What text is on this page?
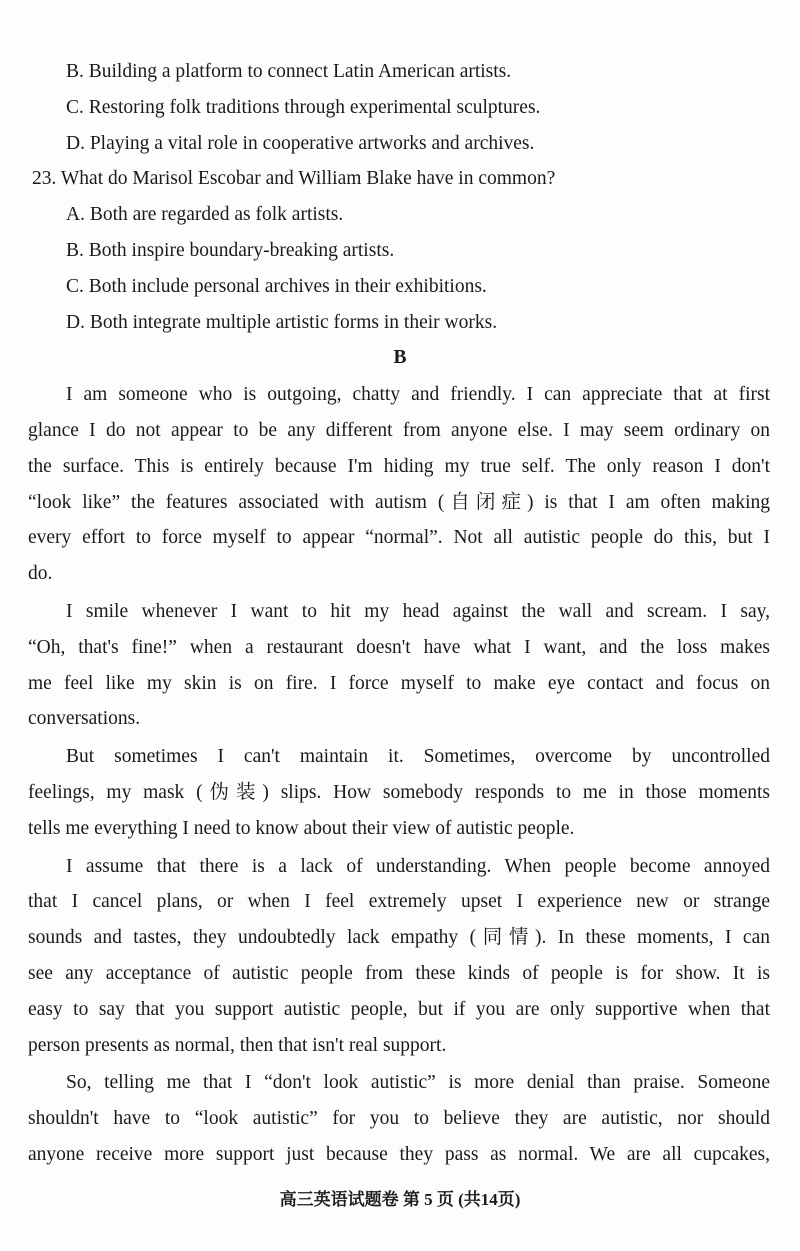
B. Building a platform to connect Latin American artists.
C. Restoring folk traditions through experimental sculptures.
D. Playing a vital role in cooperative artworks and archives.
23. What do Marisol Escobar and William Blake have in common?
A. Both are regarded as folk artists.
B. Both inspire boundary-breaking artists.
C. Both include personal archives in their exhibitions.
D. Both integrate multiple artistic forms in their works.
B
I am someone who is outgoing, chatty and friendly. I can appreciate that at first
glance I do not appear to be any different from anyone else. I may seem ordinary on
the surface. This is entirely because I'm hiding my true self. The only reason I don't
“look like” the features associated with autism (自闭症) is that I am often making
every effort to force myself to appear “normal”. Not all autistic people do this, but I
do.
I smile whenever I want to hit my head against the wall and scream. I say,
“Oh, that's fine!” when a restaurant doesn't have what I want, and the loss makes
me feel like my skin is on fire. I force myself to make eye contact and focus on
conversations.
But sometimes I can't maintain it. Sometimes, overcome by uncontrolled
feelings, my mask (伪装) slips. How somebody responds to me in those moments
tells me everything I need to know about their view of autistic people.
I assume that there is a lack of understanding. When people become annoyed
that I cancel plans, or when I feel extremely upset I experience new or strange
sounds and tastes, they undoubtedly lack empathy (同情). In these moments, I can
see any acceptance of autistic people from these kinds of people is for show. It is
easy to say that you support autistic people, but if you are only supportive when that
person presents as normal, then that isn't real support.
So, telling me that I “don't look autistic” is more denial than praise. Someone
shouldn't have to “look autistic” for you to believe they are autistic, nor should
anyone receive more support just because they pass as normal. We are all cupcakes,
高三英语试题卷 第 5 页 (共14页)
